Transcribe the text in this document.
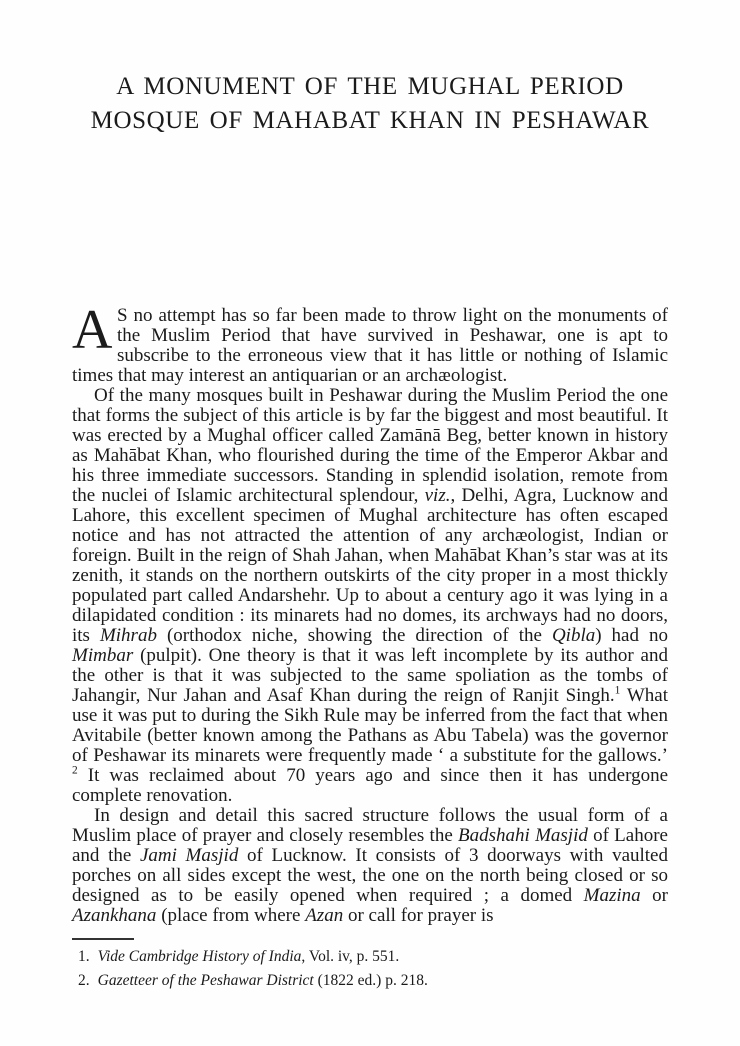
A MONUMENT OF THE MUGHAL PERIOD
MOSQUE OF MAHABAT KHAN IN PESHAWAR

A S no attempt has so far been made to throw light on the monuments of the Muslim Period that have survived in Peshawar, one is apt to subscribe to the erroneous view that it has little or nothing of Islamic times that may interest an antiquarian or an archæologist.

Of the many mosques built in Peshawar during the Muslim Period the one that forms the subject of this article is by far the biggest and most beautiful. It was erected by a Mughal officer called Zamānā Beg, better known in history as Mahābat Khan, who flourished during the time of the Emperor Akbar and his three immediate successors. Standing in splendid isolation, remote from the nuclei of Islamic architectural splendour, viz., Delhi, Agra, Lucknow and Lahore, this excellent specimen of Mughal architecture has often escaped notice and has not attracted the attention of any archæologist, Indian or foreign. Built in the reign of Shah Jahan, when Mahābat Khan’s star was at its zenith, it stands on the northern outskirts of the city proper in a most thickly populated part called Andarshehr. Up to about a century ago it was lying in a dilapidated condition : its minarets had no domes, its archways had no doors, its Mihrab (orthodox niche, showing the direction of the Qibla) had no Mimbar (pulpit). One theory is that it was left incomplete by its author and the other is that it was subjected to the same spoliation as the tombs of Jahangir, Nur Jahan and Asaf Khan during the reign of Ranjit Singh.$^1$ What use it was put to during the Sikh Rule may be inferred from the fact that when Avitabile (better known among the Pathans as Abu Tabela) was the governor of Peshawar its minarets were frequently made ‘ a substitute for the gallows.’ $^2$ It was reclaimed about 70 years ago and since then it has undergone complete renovation.

In design and detail this sacred structure follows the usual form of a Muslim place of prayer and closely resembles the Badshahi Masjid of Lahore and the Jami Masjid of Lucknow. It consists of 3 doorways with vaulted porches on all sides except the west, the one on the north being closed or so designed as to be easily opened when required ; a domed Mazina or Azankhana (place from where Azan or call for prayer is

1. Vide Cambridge History of India, Vol. iv, p. 551.
2. Gazetteer of the Peshawar District (1822 ed.) p. 218.
